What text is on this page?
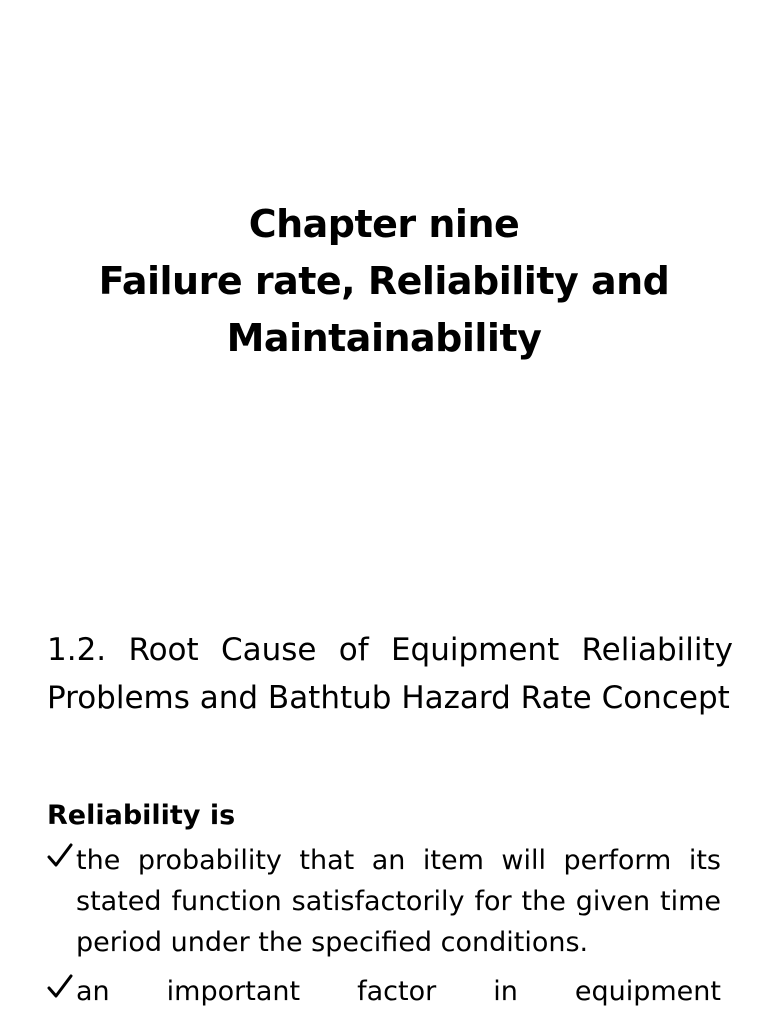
Chapter nine
Failure rate, Reliability and
Maintainability
1.2. Root Cause of Equipment Reliability
Problems and Bathtub Hazard Rate Concept
Reliability is
the probability that an item will perform its stated function satisfactorily for the given time period under the specified conditions.
an important factor in equipment
